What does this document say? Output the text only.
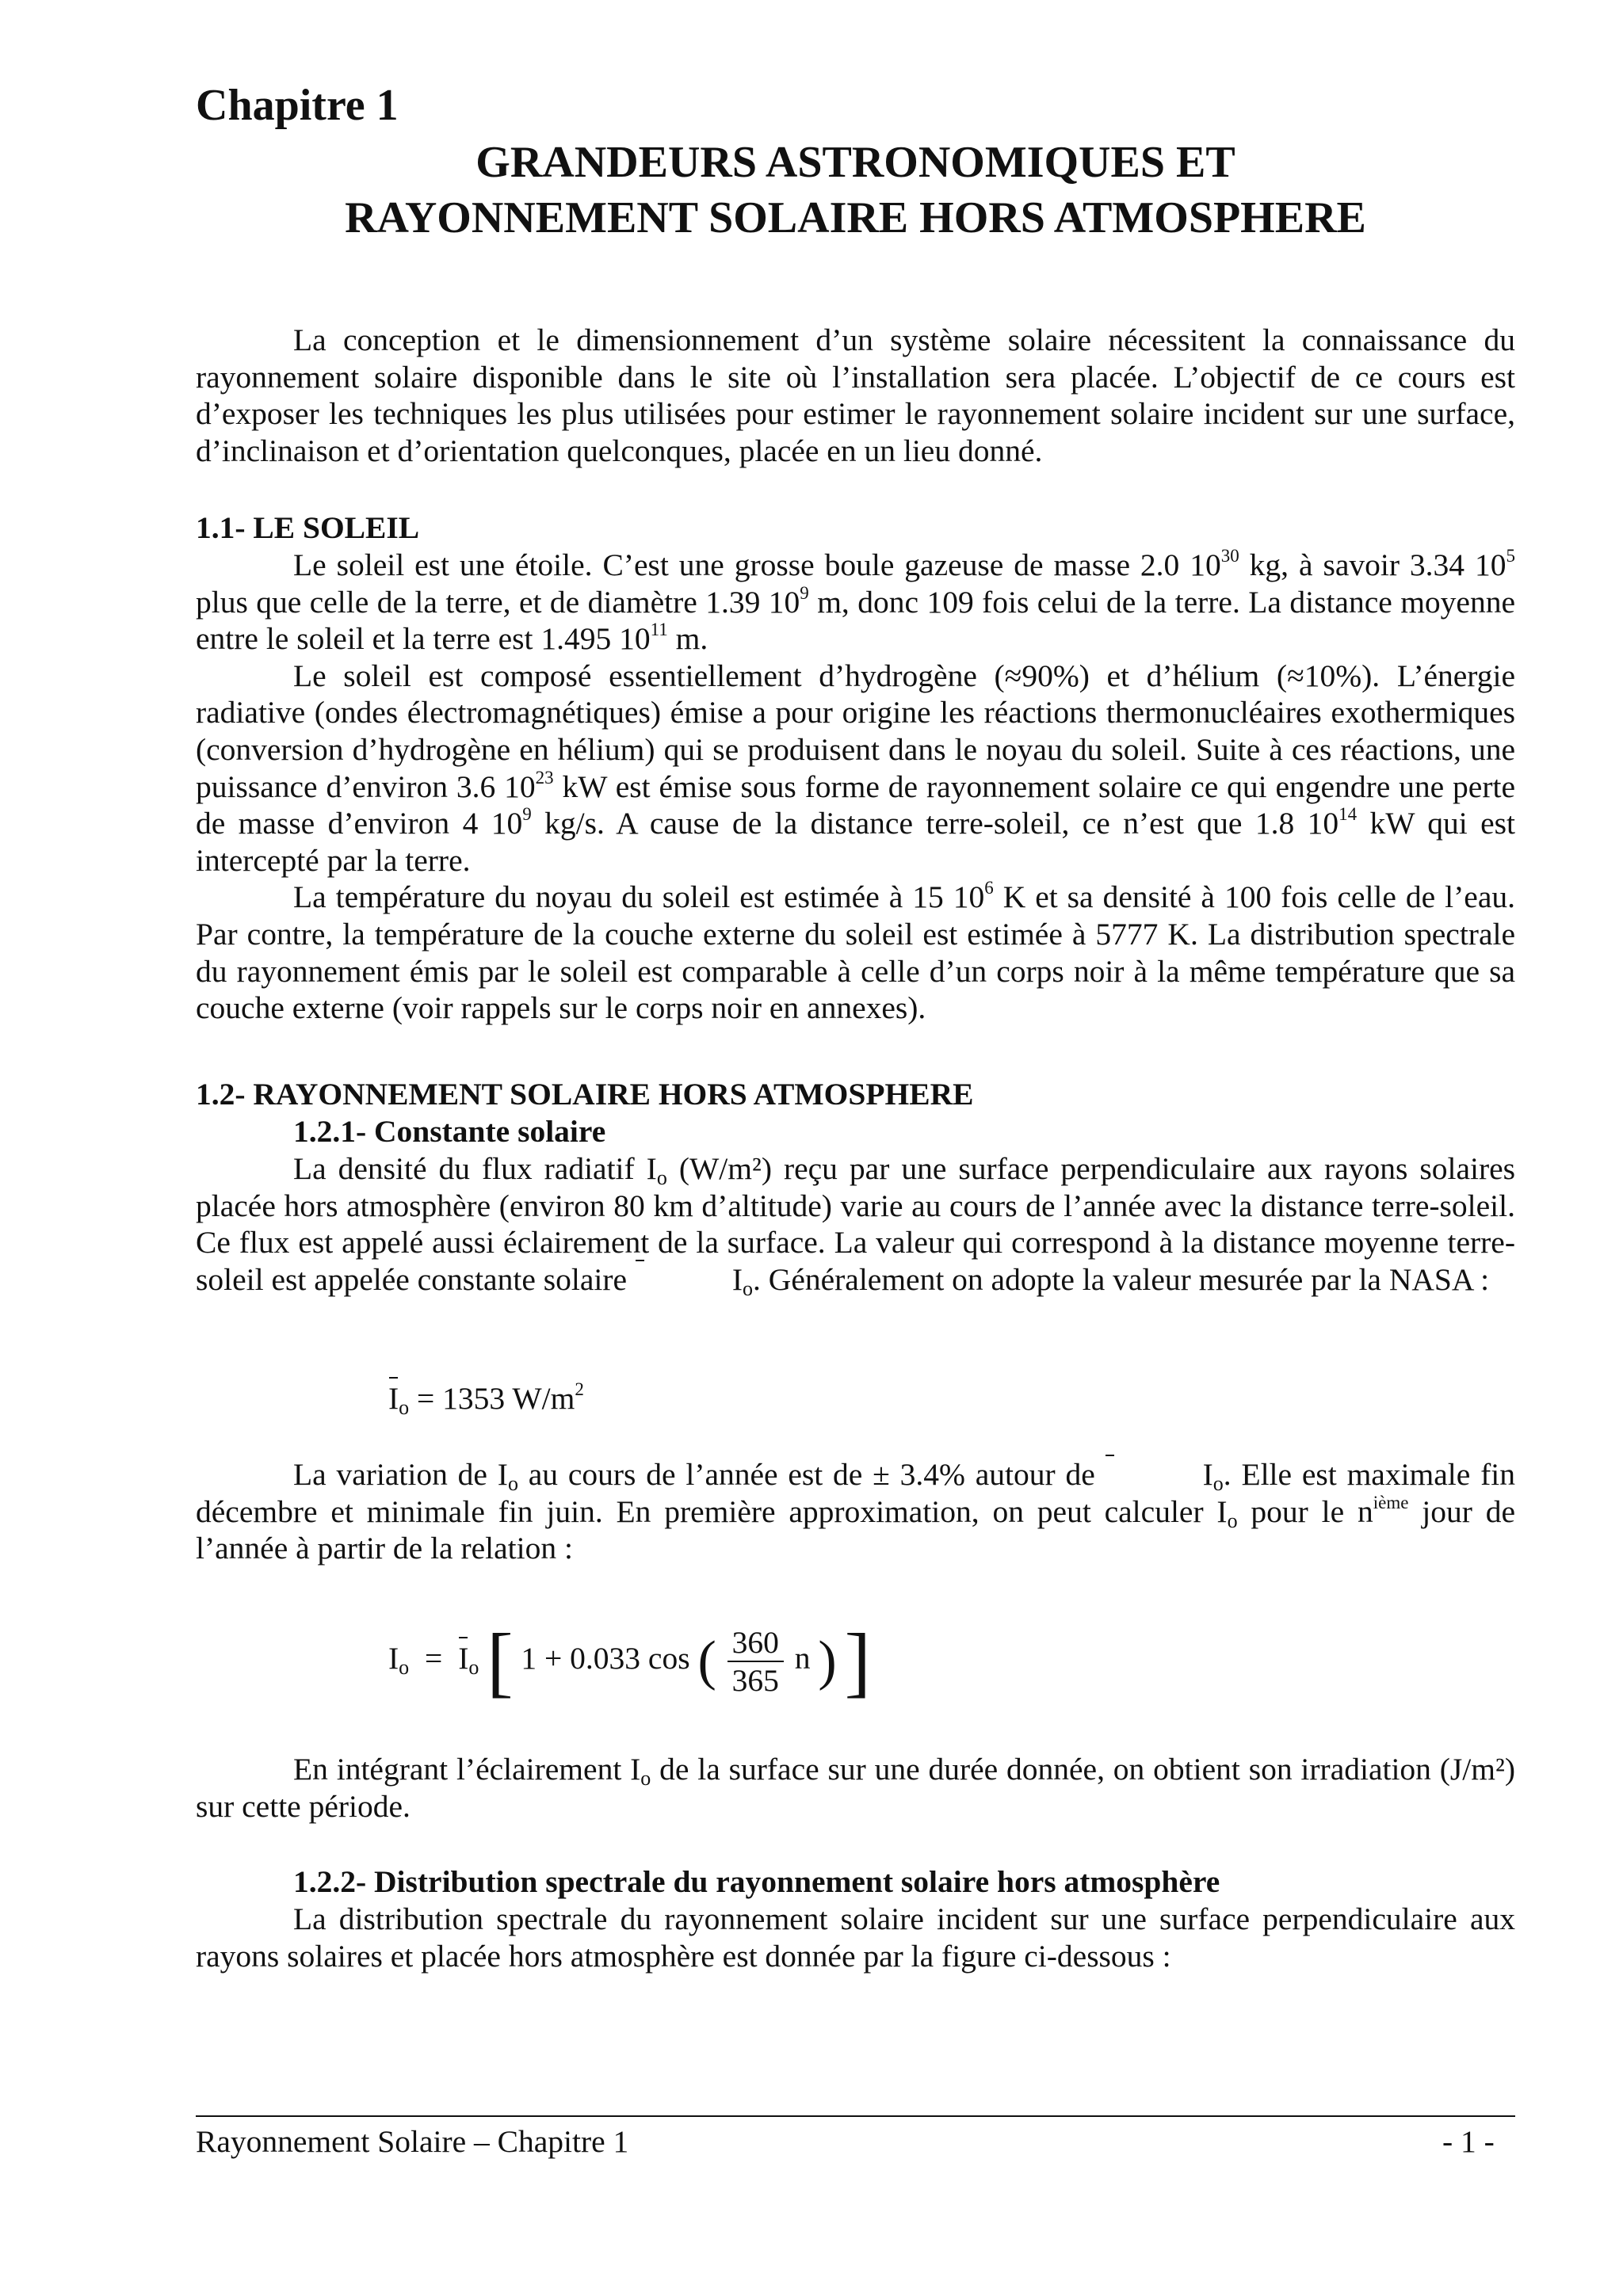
Chapitre 1
GRANDEURS ASTRONOMIQUES ET
RAYONNEMENT SOLAIRE HORS ATMOSPHERE

La conception et le dimensionnement d’un système solaire nécessitent la connaissance du rayonnement solaire disponible dans le site où l’installation sera placée. L’objectif de ce cours est d’exposer les techniques les plus utilisées pour estimer le rayonnement solaire incident sur une surface, d’inclinaison et d’orientation quelconques, placée en un lieu donné.

1.1- LE SOLEIL

Le soleil est une étoile. C’est une grosse boule gazeuse de masse 2.0 $10^{30}$ kg, à savoir 3.34 $10^5$ plus que celle de la terre, et de diamètre 1.39 $10^9$ m, donc 109 fois celui de la terre. La distance moyenne entre le soleil et la terre est 1.495 $10^{11}$ m.

Le soleil est composé essentiellement d’hydrogène (≈90%) et d’hélium (≈10%). L’énergie radiative (ondes électromagnétiques) émise a pour origine les réactions thermonucléaires exothermiques (conversion d’hydrogène en hélium) qui se produisent dans le noyau du soleil. Suite à ces réactions, une puissance d’environ 3.6 $10^{23}$ kW est émise sous forme de rayonnement solaire ce qui engendre une perte de masse d’environ 4 $10^9$ kg/s. A cause de la distance terre-soleil, ce n’est que 1.8 $10^{14}$ kW qui est intercepté par la terre.

La température du noyau du soleil est estimée à 15 $10^6$ K et sa densité à 100 fois celle de l’eau. Par contre, la température de la couche externe du soleil est estimée à 5777 K. La distribution spectrale du rayonnement émis par le soleil est comparable à celle d’un corps noir à la même température que sa couche externe (voir rappels sur le corps noir en annexes).

1.2- RAYONNEMENT SOLAIRE HORS ATMOSPHERE
1.2.1- Constante solaire

La densité du flux radiatif $I_o$ (W/m²) reçu par une surface perpendiculaire aux rayons solaires placée hors atmosphère (environ 80 km d’altitude) varie au cours de l’année avec la distance terre-soleil. Ce flux est appelé aussi éclairement de la surface. La valeur qui correspond à la distance moyenne terre-soleil est appelée constante solaire	$I_o$. Généralement on adopte la valeur mesurée par la NASA :

$I_o = 1353$ $W/m^2$

La variation de $I_o$ au cours de l’année est de ± 3.4% autour de	$I_o$. Elle est maximale fin décembre et minimale fin juin. En première approximation, on peut calculer $I_o$ pour le $n^{ième}$ jour de l’année à partir de la relation :

$I_o = I_o$ [ 1 + 0.033 cos ( $\frac{360}{365}$ n ) ]

En intégrant l’éclairement $I_o$ de la surface sur une durée donnée, on obtient son irradiation (J/m²) sur cette période.

1.2.2- Distribution spectrale du rayonnement solaire hors atmosphère

La distribution spectrale du rayonnement solaire incident sur une surface perpendiculaire aux rayons solaires et placée hors atmosphère est donnée par la figure ci-dessous :

Rayonnement Solaire – Chapitre 1	- 1 -
